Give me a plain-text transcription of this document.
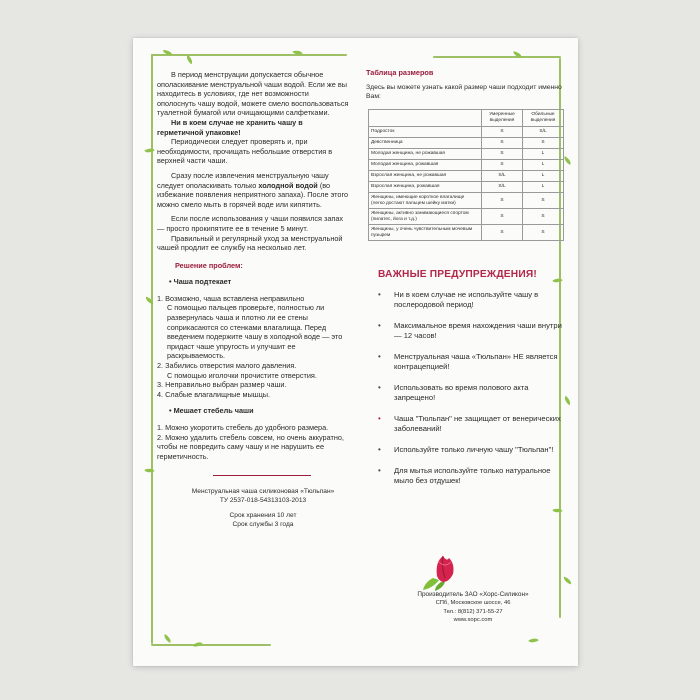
В период менструации допускается обычное ополаскивание менструальной чаши водой. Если же вы находитесь в условиях, где нет возможности ополоснуть чашу водой, можете смело воспользоваться туалетной бумагой или очищающими салфетками.

Ни в коем случае не хранить чашу в герметичной упаковке!

Периодически следует проверять и, при необходимости, прочищать небольшие отверстия в верхней части чаши.

Сразу после извлечения менструальную чашу следует ополаскивать только холодной водой (во избежание появления неприятного запаха). После этого можно смело мыть в горячей воде или кипятить.

Если после использования у чаши появился запах — просто прокипятите ее в течение 5 минут.

Правильный и регулярный уход за менструальной чашей продлит ее службу на несколько лет.

Решение проблем:
• Чаша подтекает

1. Возможно, чаша вставлена неправильно

С помощью пальцев проверьте, полностью ли развернулась чаша и плотно ли ее стены соприкасаются со стенками влагалища. Перед введением подержите чашу в холодной воде — это придаст чаше упругость и улучшит ее раскрываемость.

2. Забились отверстия малого давления.

С помощью иголочки прочистите отверстия.

3. Неправильно выбран размер чаши.

4. Слабые влагалищные мышцы.

• Мешает стебель чаши

1. Можно укоротить стебель до удобного размера.

2. Можно удалить стебель совсем, но очень аккуратно, чтобы не повредить саму чашу и не нарушить ее герметичность.

Менструальная чаша силиконовая «Тюльпан»
ТУ 2537-018-54313103-2013
Срок хранения 10 лет
Срок службы 3 года
Таблица размеров
Здесь вы можете узнать какой размер чаши подходит именно Вам:
	Умеренные выделения	Обильные выделения
Подросток	S	S/L
Девственница	S	S
Молодая женщина, не рожавшая	S	L
Молодая женщина, рожавшая	S	L
Взрослая женщина, не рожавшая	S/L	L
Взрослая женщина, рожавшая	S/L	L
Женщины, имеющие короткое влагалище (легко достают пальцем шейку матки)	S	S
Женщины, активно занимающиеся спортом (пилатес, йога и т.д.)	S	S
Женщины, у очень чувствительным мочевым пузырем	S	S
ВАЖНЫЕ ПРЕДУПРЕЖДЕНИЯ!
• Ни в коем случае не используйте чашу в послеродовой период!
• Максимальное время нахождения чаши внутри — 12 часов!
• Менструальная чаша «Тюльпан» НЕ является контрацепцией!
• Использовать во время полового акта запрещено!
• Чаша "Тюльпан" не защищает от венерических заболеваний!
• Используйте только личную чашу "Тюльпан"!
• Для мытья используйте только натуральное мыло без отдушек!
Производитель ЗАО «Хорс-Силикон»
СПб, Московское шоссе, 46
Тел.: 8(812) 371-55-27
www.xopc.com
